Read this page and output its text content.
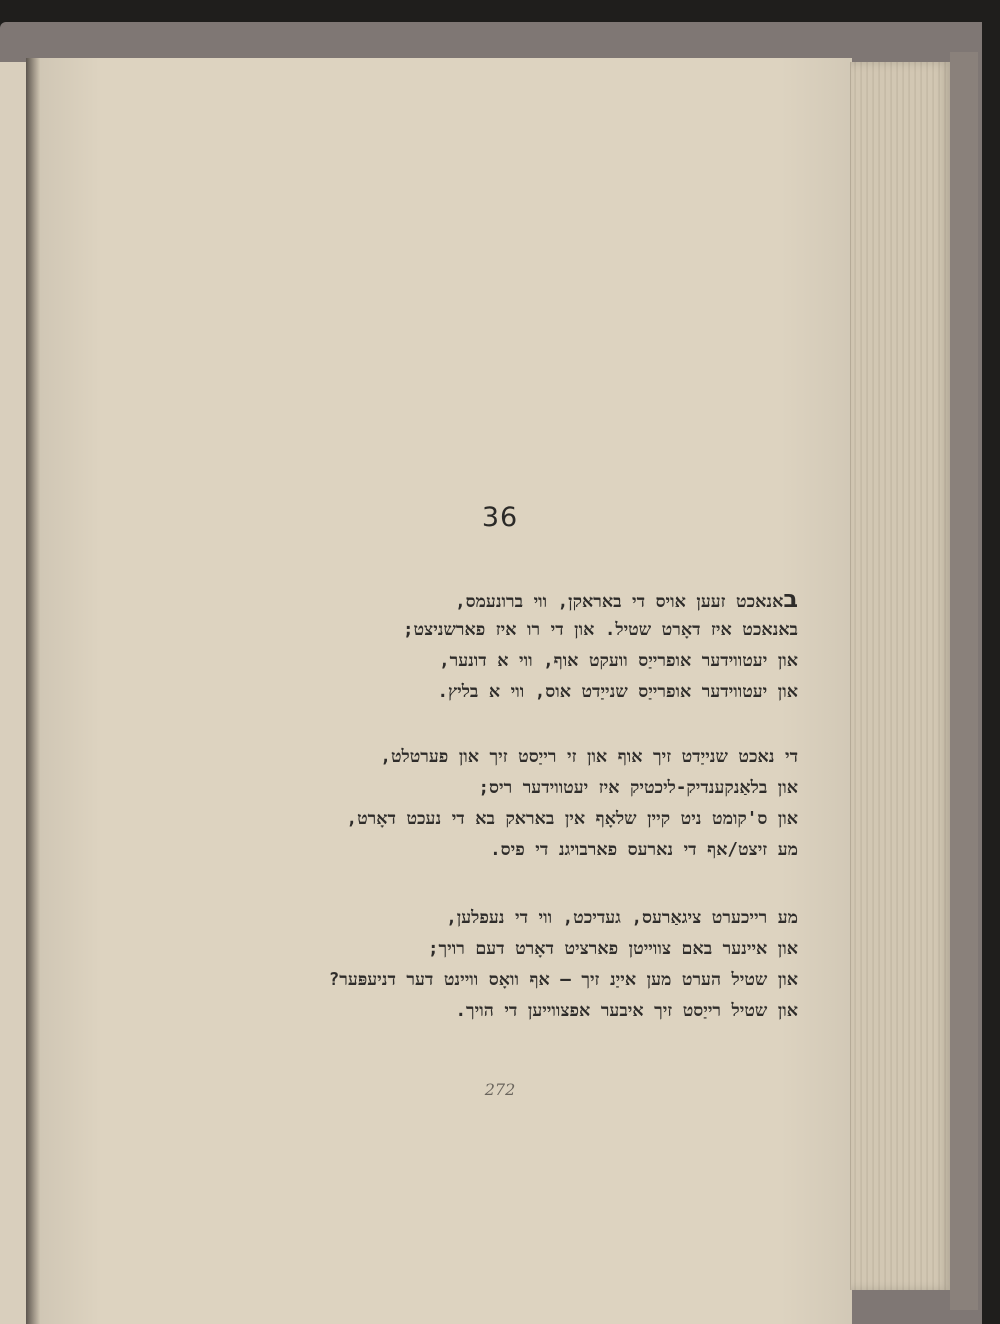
36
באנאכט זעען אויס די באראקן, ווי ברונעמס,
באנאכט איז דאָרט שטיל. און די רו איז פארשניצט;
און יעטווידער אופרייַס וועקט אוף, ווי א דונער,
און יעטווידער אופרייַס שנייַדט אוס, ווי א בליץ.
די נאכט שנייַדט זיך אוף און זי רייַסט זיך און פערטלט,
און בלאַנקענדיק-ליכטיק איז יעטווידער ריס;
און ס'קומט ניט קיין שלאָף אין באראק בא די נעכט דאָרט,
מע זיצט/אף די נארעס פארבויגנ די פיס.
מע רייכערט ציגאַרעס, געדיכט, ווי די נעפלען,
און איינער באם צווייטן פארציט דאָרט דעם רויך;
און שטיל הערט מען אייַנ זיך — אף וואָס וויינט דער דניעפּער?
און שטיל רייַסט זיך איבער אפצווייען די הויך.
272
